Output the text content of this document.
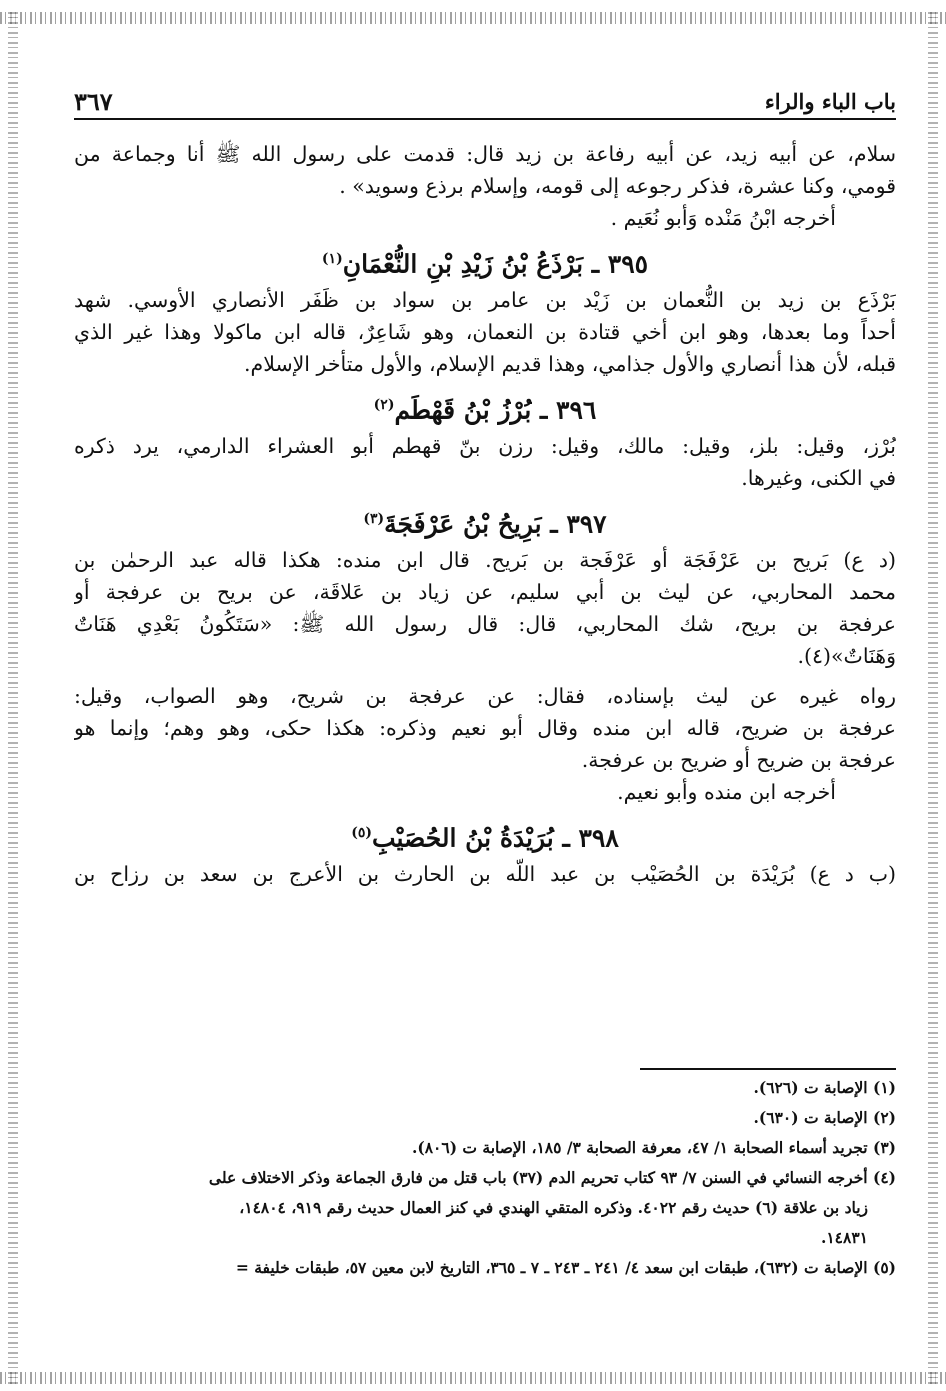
٣٦٧	باب الباء والراء
سلام، عن أبيه زيد، عن أبيه رفاعة بن زيد قال: قدمت على رسول الله ﷺ أنا وجماعة من
قومي، وكنا عشرة، فذكر رجوعه إلى قومه، وإسلام برذع وسويد» .
أخرجه ابْنُ مَنْده وَأبو نُعَيم .
٣٩٥ ـ بَرْذَعُ بْنُ زَيْدِ بْنِ النُّعْمَانِ$^{(١)}$
بَرْذَع بن زيد بن النُّعمان بن زَيْد بن عامر بن سواد بن ظَفَر الأنصاري الأوسي. شهد
أحداً وما بعدها، وهو ابن أخي قتادة بن النعمان، وهو شَاعِرٌ، قاله ابن ماكولا وهذا غير الذي
قبله، لأن هذا أنصاري والأول جذامي، وهذا قديم الإسلام، والأول متأخر الإسلام.
٣٩٦ ـ بُرْزُ بْنُ قَهْطَم$^{(٢)}$
بُرْز، وقيل: بلز، وقيل: مالك، وقيل: رزن بنّ قهطم أبو العشراء الدارمي، يرد ذكره
في الكنى، وغيرها.
٣٩٧ ـ بَرِيحُ بْنُ عَرْفَجَةَ$^{(٣)}$
(د ع) بَريح بن عَرْفَجَة أو عَرْفَجة بن بَريح. قال ابن منده: هكذا قاله عبد الرحمٰن بن
محمد المحاربي، عن ليث بن أبي سليم، عن زياد بن عَلاقَة، عن بريح بن عرفجة أو
عرفجة بن بريح، شك المحاربي، قال: قال رسول الله ﷺ: «سَتَكُونُ بَعْدِي هَنَاتٌ
وَهَنَاتٌ»(٤).
رواه غيره عن ليث بإسناده، فقال: عن عرفجة بن شريح، وهو الصواب، وقيل:
عرفجة بن ضريح، قاله ابن منده وقال أبو نعيم وذكره: هكذا حكى، وهو وهم؛ وإنما هو
عرفجة بن ضريح أو ضريح بن عرفجة.
أخرجه ابن منده وأبو نعيم.
٣٩٨ ـ بُرَيْدَةُ بْنُ الحُصَيْبِ$^{(٥)}$
(ب د ع) بُرَيْدَة بن الحُصَيْب بن عبد اللّه بن الحارث بن الأعرج بن سعد بن رزاح بن
(١) الإصابة ت (٦٢٦).
(٢) الإصابة ت (٦٣٠).
(٣) تجريد أسماء الصحابة ١/ ٤٧، معرفة الصحابة ٣/ ١٨٥، الإصابة ت (٨٠٦).
(٤) أخرجه النسائي في السنن ٧/ ٩٣ كتاب تحريم الدم (٣٧) باب قتل من فارق الجماعة وذكر الاختلاف على
زياد بن علاقة (٦) حديث رقم ٤٠٢٢. وذكره المتقي الهندي في كنز العمال حديث رقم ٩١٩، ١٤٨٠٤،
١٤٨٣١.
(٥) الإصابة ت (٦٣٢)، طبقات ابن سعد ٤/ ٢٤١ ـ ٢٤٣ ـ ٧ ـ ٣٦٥، التاريخ لابن معين ٥٧، طبقات خليفة =
